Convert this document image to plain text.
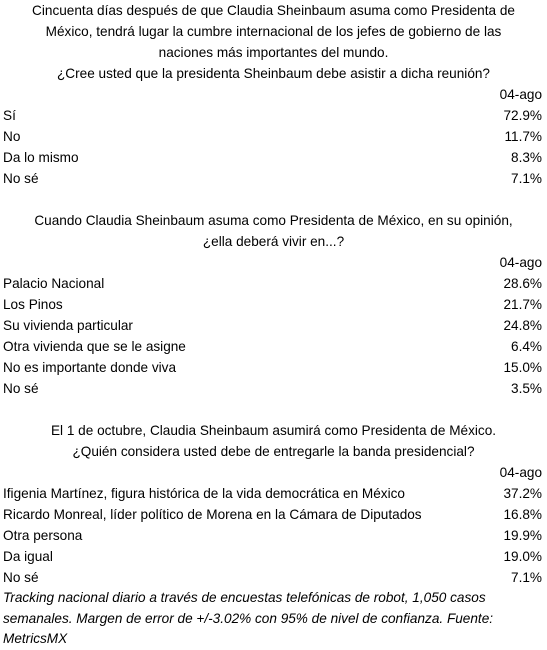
Cincuenta días después de que Claudia Sheinbaum asuma como Presidenta de
México, tendrá lugar la cumbre internacional de los jefes de gobierno de las
naciones más importantes del mundo.
¿Cree usted que la presidenta Sheinbaum debe asistir a dicha reunión?
04-ago
Sí	72.9%
No	11.7%
Da lo mismo	8.3%
No sé	7.1%
Cuando Claudia Sheinbaum asuma como Presidenta de México, en su opinión,
¿ella deberá vivir en...?
04-ago
Palacio Nacional	28.6%
Los Pinos	21.7%
Su vivienda particular	24.8%
Otra vivienda que se le asigne	6.4%
No es importante donde viva	15.0%
No sé	3.5%
El 1 de octubre, Claudia Sheinbaum asumirá como Presidenta de México.
¿Quién considera usted debe de entregarle la banda presidencial?
04-ago
Ifigenia Martínez, figura histórica de la vida democrática en México	37.2%
Ricardo Monreal, líder político de Morena en la Cámara de Diputados	16.8%
Otra persona	19.9%
Da igual	19.0%
No sé	7.1%
Tracking nacional diario a través de encuestas telefónicas de robot, 1,050 casos semanales. Margen de error de +/-3.02% con 95% de nivel de confianza. Fuente: MetricsMX
